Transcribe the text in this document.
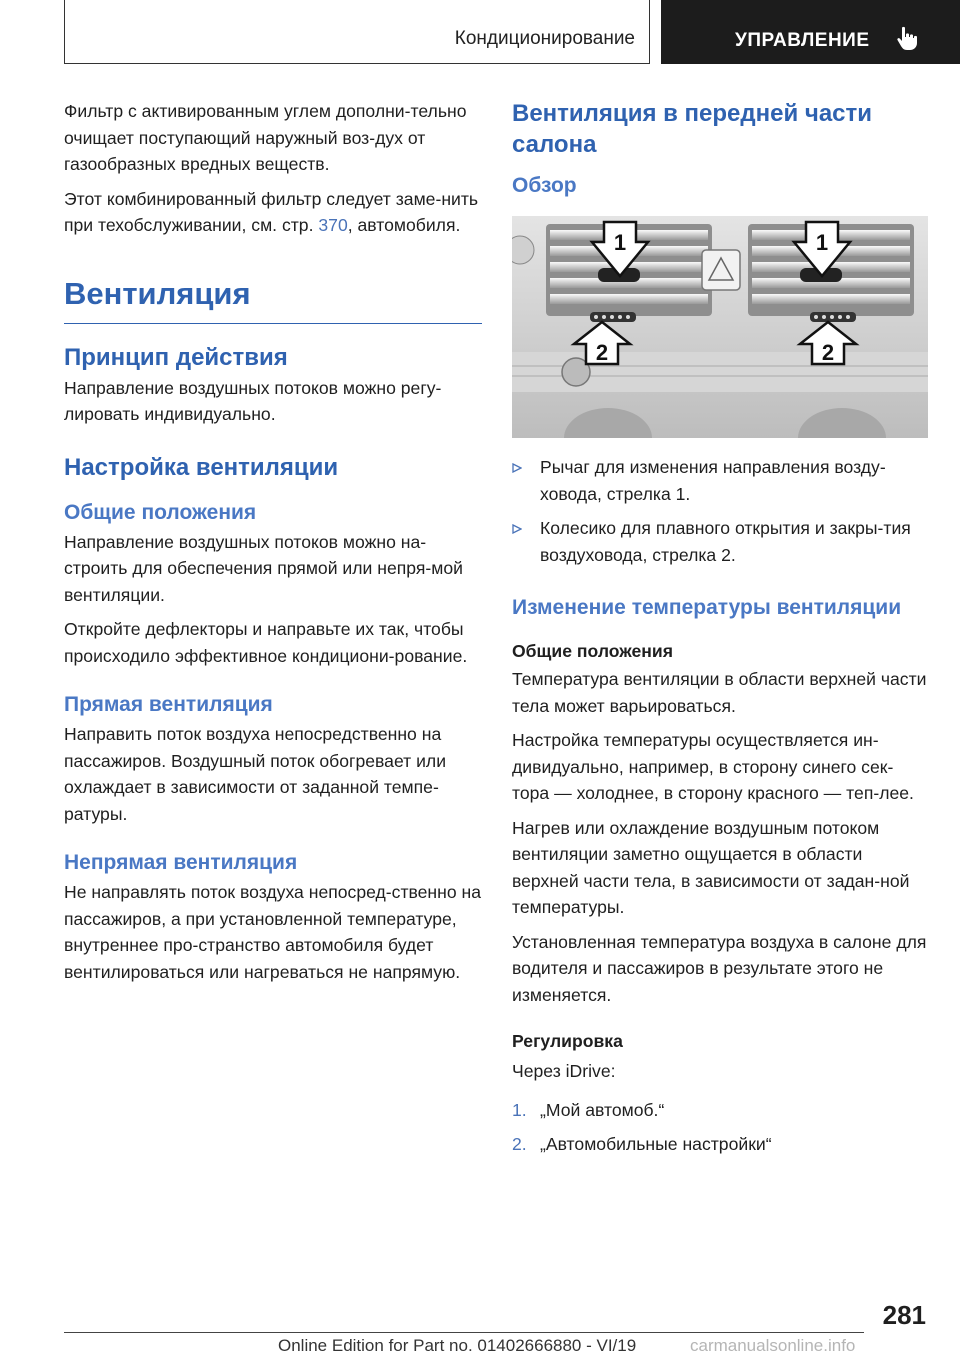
Кондиционирование	УПРАВЛЕНИЕ

Фильтр с активированным углем дополни-тельно очищает поступающий наружный воз-дух от газообразных вредных веществ.

Этот комбинированный фильтр следует заме-нить при техобслуживании, см. стр. 370, автомобиля.

Вентиляция
Принцип действия

Направление воздушных потоков можно регу-лировать индивидуально.

Настройка вентиляции
Общие положения

Направление воздушных потоков можно на-строить для обеспечения прямой или непря-мой вентиляции.

Откройте дефлекторы и направьте их так, чтобы происходило эффективное кондициони-рование.

Прямая вентиляция

Направить поток воздуха непосредственно на пассажиров. Воздушный поток обогревает или охлаждает в зависимости от заданной темпе-ратуры.

Непрямая вентиляция

Не направлять поток воздуха непосред-ственно на пассажиров, а при установленной температуре, внутреннее про-странство автомобиля будет вентилироваться или нагреваться не напрямую.

Вентиляция в передней части салона
Обзор
1	1
2	2
Рычаг для изменения направления возду-ховода, стрелка 1.
Колесико для плавного открытия и закры-тия воздуховода, стрелка 2.
Изменение температуры вентиляции
Общие положения

Температура вентиляции в области верхней части тела может варьироваться.

Настройка температуры осуществляется ин-дивидуально, например, в сторону синего сек-тора — холоднее, в сторону красного — теп-лее.

Нагрев или охлаждение воздушным потоком вентиляции заметно ощущается в области верхней части тела, в зависимости от задан-ной температуры.

Установленная температура воздуха в салоне для водителя и пассажиров в результате этого не изменяется.

Регулировка

Через iDrive:

1. „Мой автомоб.“
2. „Автомобильные настройки“
281
Online Edition for Part no. 01402666880 - VI/19	carmanualsonline.info
